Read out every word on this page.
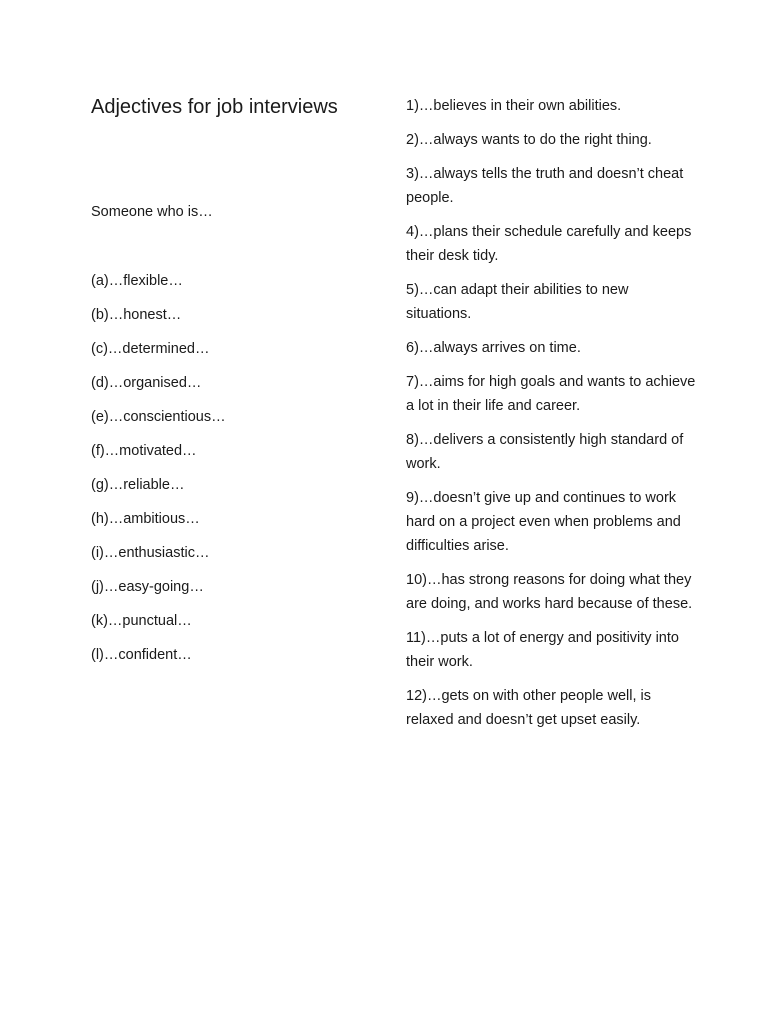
Adjectives for job interviews

Someone who is…

(a)…flexible…
(b)…honest…
(c)…determined…
(d)…organised…
(e)…conscientious…
(f)…motivated…
(g)…reliable…
(h)…ambitious…
(i)…enthusiastic…
(j)…easy-going…
(k)…punctual…
(l)…confident…
1)…believes in their own abilities.
2)…always wants to do the right thing.
3)…always tells the truth and doesn’t cheat people.
4)…plans their schedule carefully and keeps their desk tidy.
5)…can adapt their abilities to new situations.
6)…always arrives on time.
7)…aims for high goals and wants to achieve a lot in their life and career.
8)…delivers a consistently high standard of work.
9)…doesn’t give up and continues to work hard on a project even when problems and difficulties arise.
10)…has strong reasons for doing what they are doing, and works hard because of these.
11)…puts a lot of energy and positivity into their work.
12)…gets on with other people well, is relaxed and doesn’t get upset easily.
